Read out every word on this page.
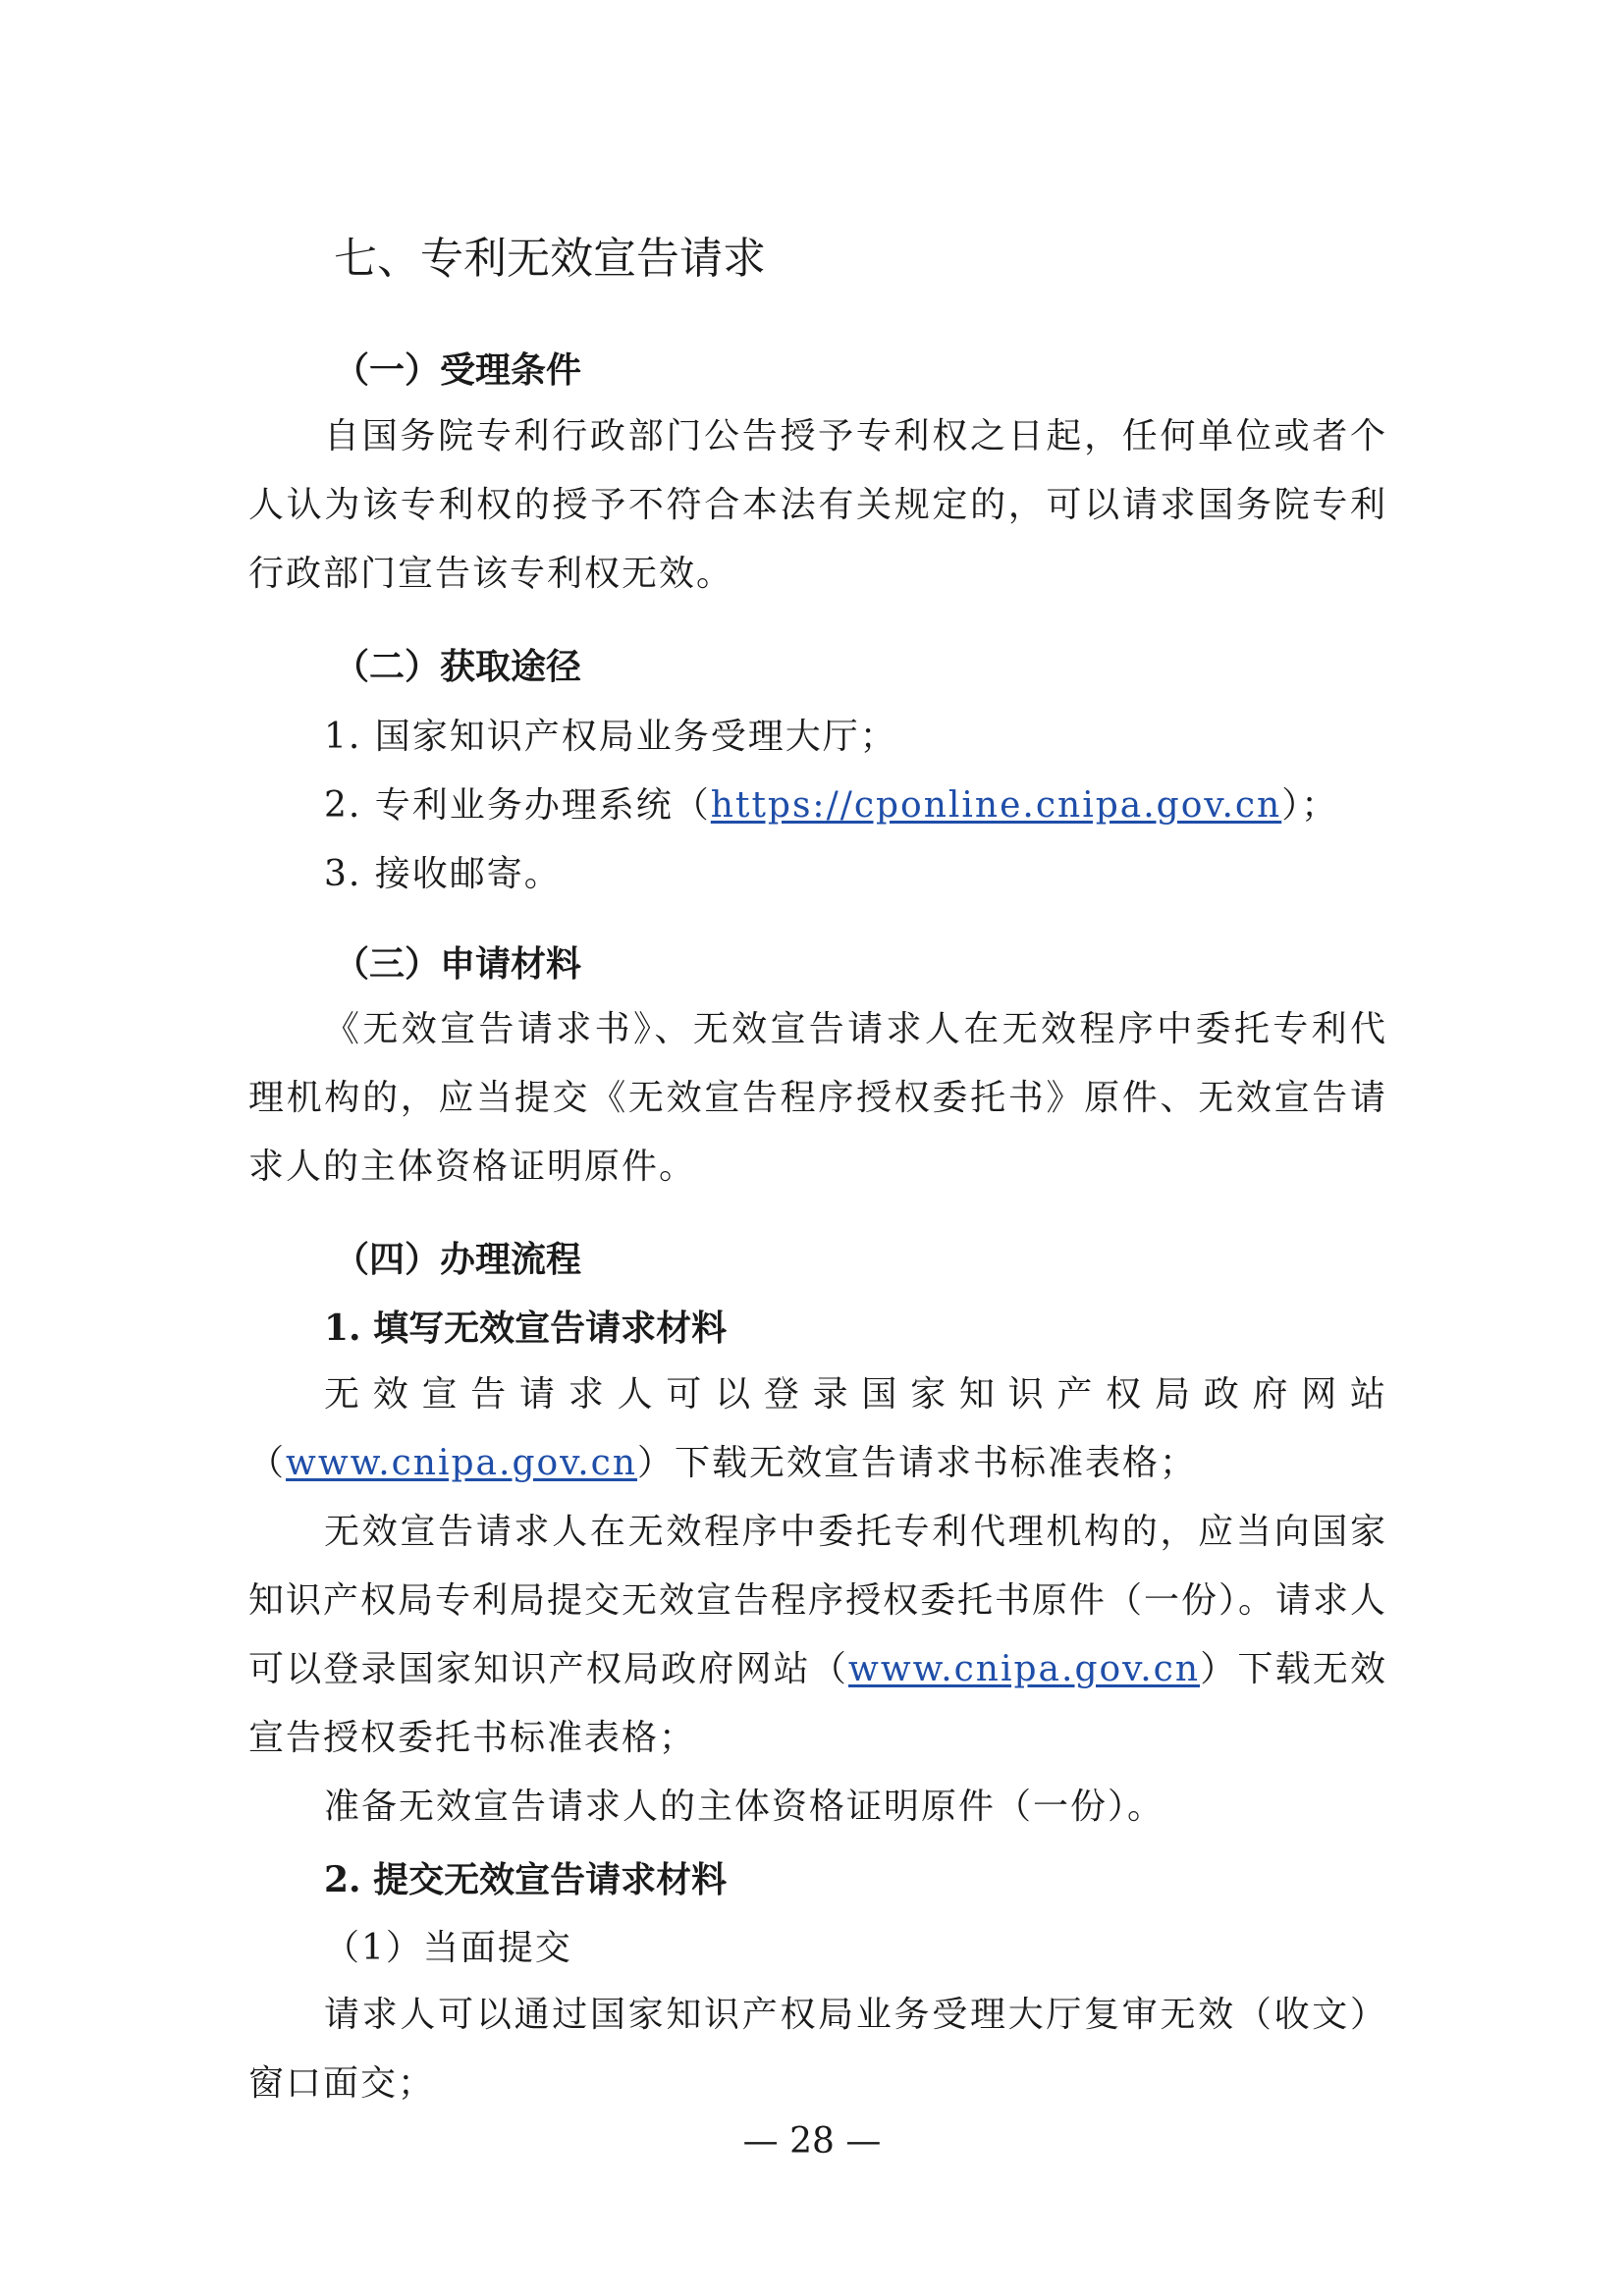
七、专利无效宣告请求
（一）受理条件
自国务院专利行政部门公告授予专利权之日起，任何单位或者个人认为该专利权的授予不符合本法有关规定的，可以请求国务院专利行政部门宣告该专利权无效。
（二）获取途径
1. 国家知识产权局业务受理大厅；
2. 专利业务办理系统（https://cponline.cnipa.gov.cn）；
3. 接收邮寄。
（三）申请材料
《无效宣告请求书》、无效宣告请求人在无效程序中委托专利代理机构的，应当提交《无效宣告程序授权委托书》原件、无效宣告请求人的主体资格证明原件。
（四）办理流程
1. 填写无效宣告请求材料
无效宣告请求人可以登录国家知识产权局政府网站（www.cnipa.gov.cn）下载无效宣告请求书标准表格；
无效宣告请求人在无效程序中委托专利代理机构的，应当向国家知识产权局专利局提交无效宣告程序授权委托书原件（一份）。请求人可以登录国家知识产权局政府网站（www.cnipa.gov.cn）下载无效宣告授权委托书标准表格；
准备无效宣告请求人的主体资格证明原件（一份）。
2. 提交无效宣告请求材料
（1）当面提交
请求人可以通过国家知识产权局业务受理大厅复审无效（收文）窗口面交；
— 28 —
